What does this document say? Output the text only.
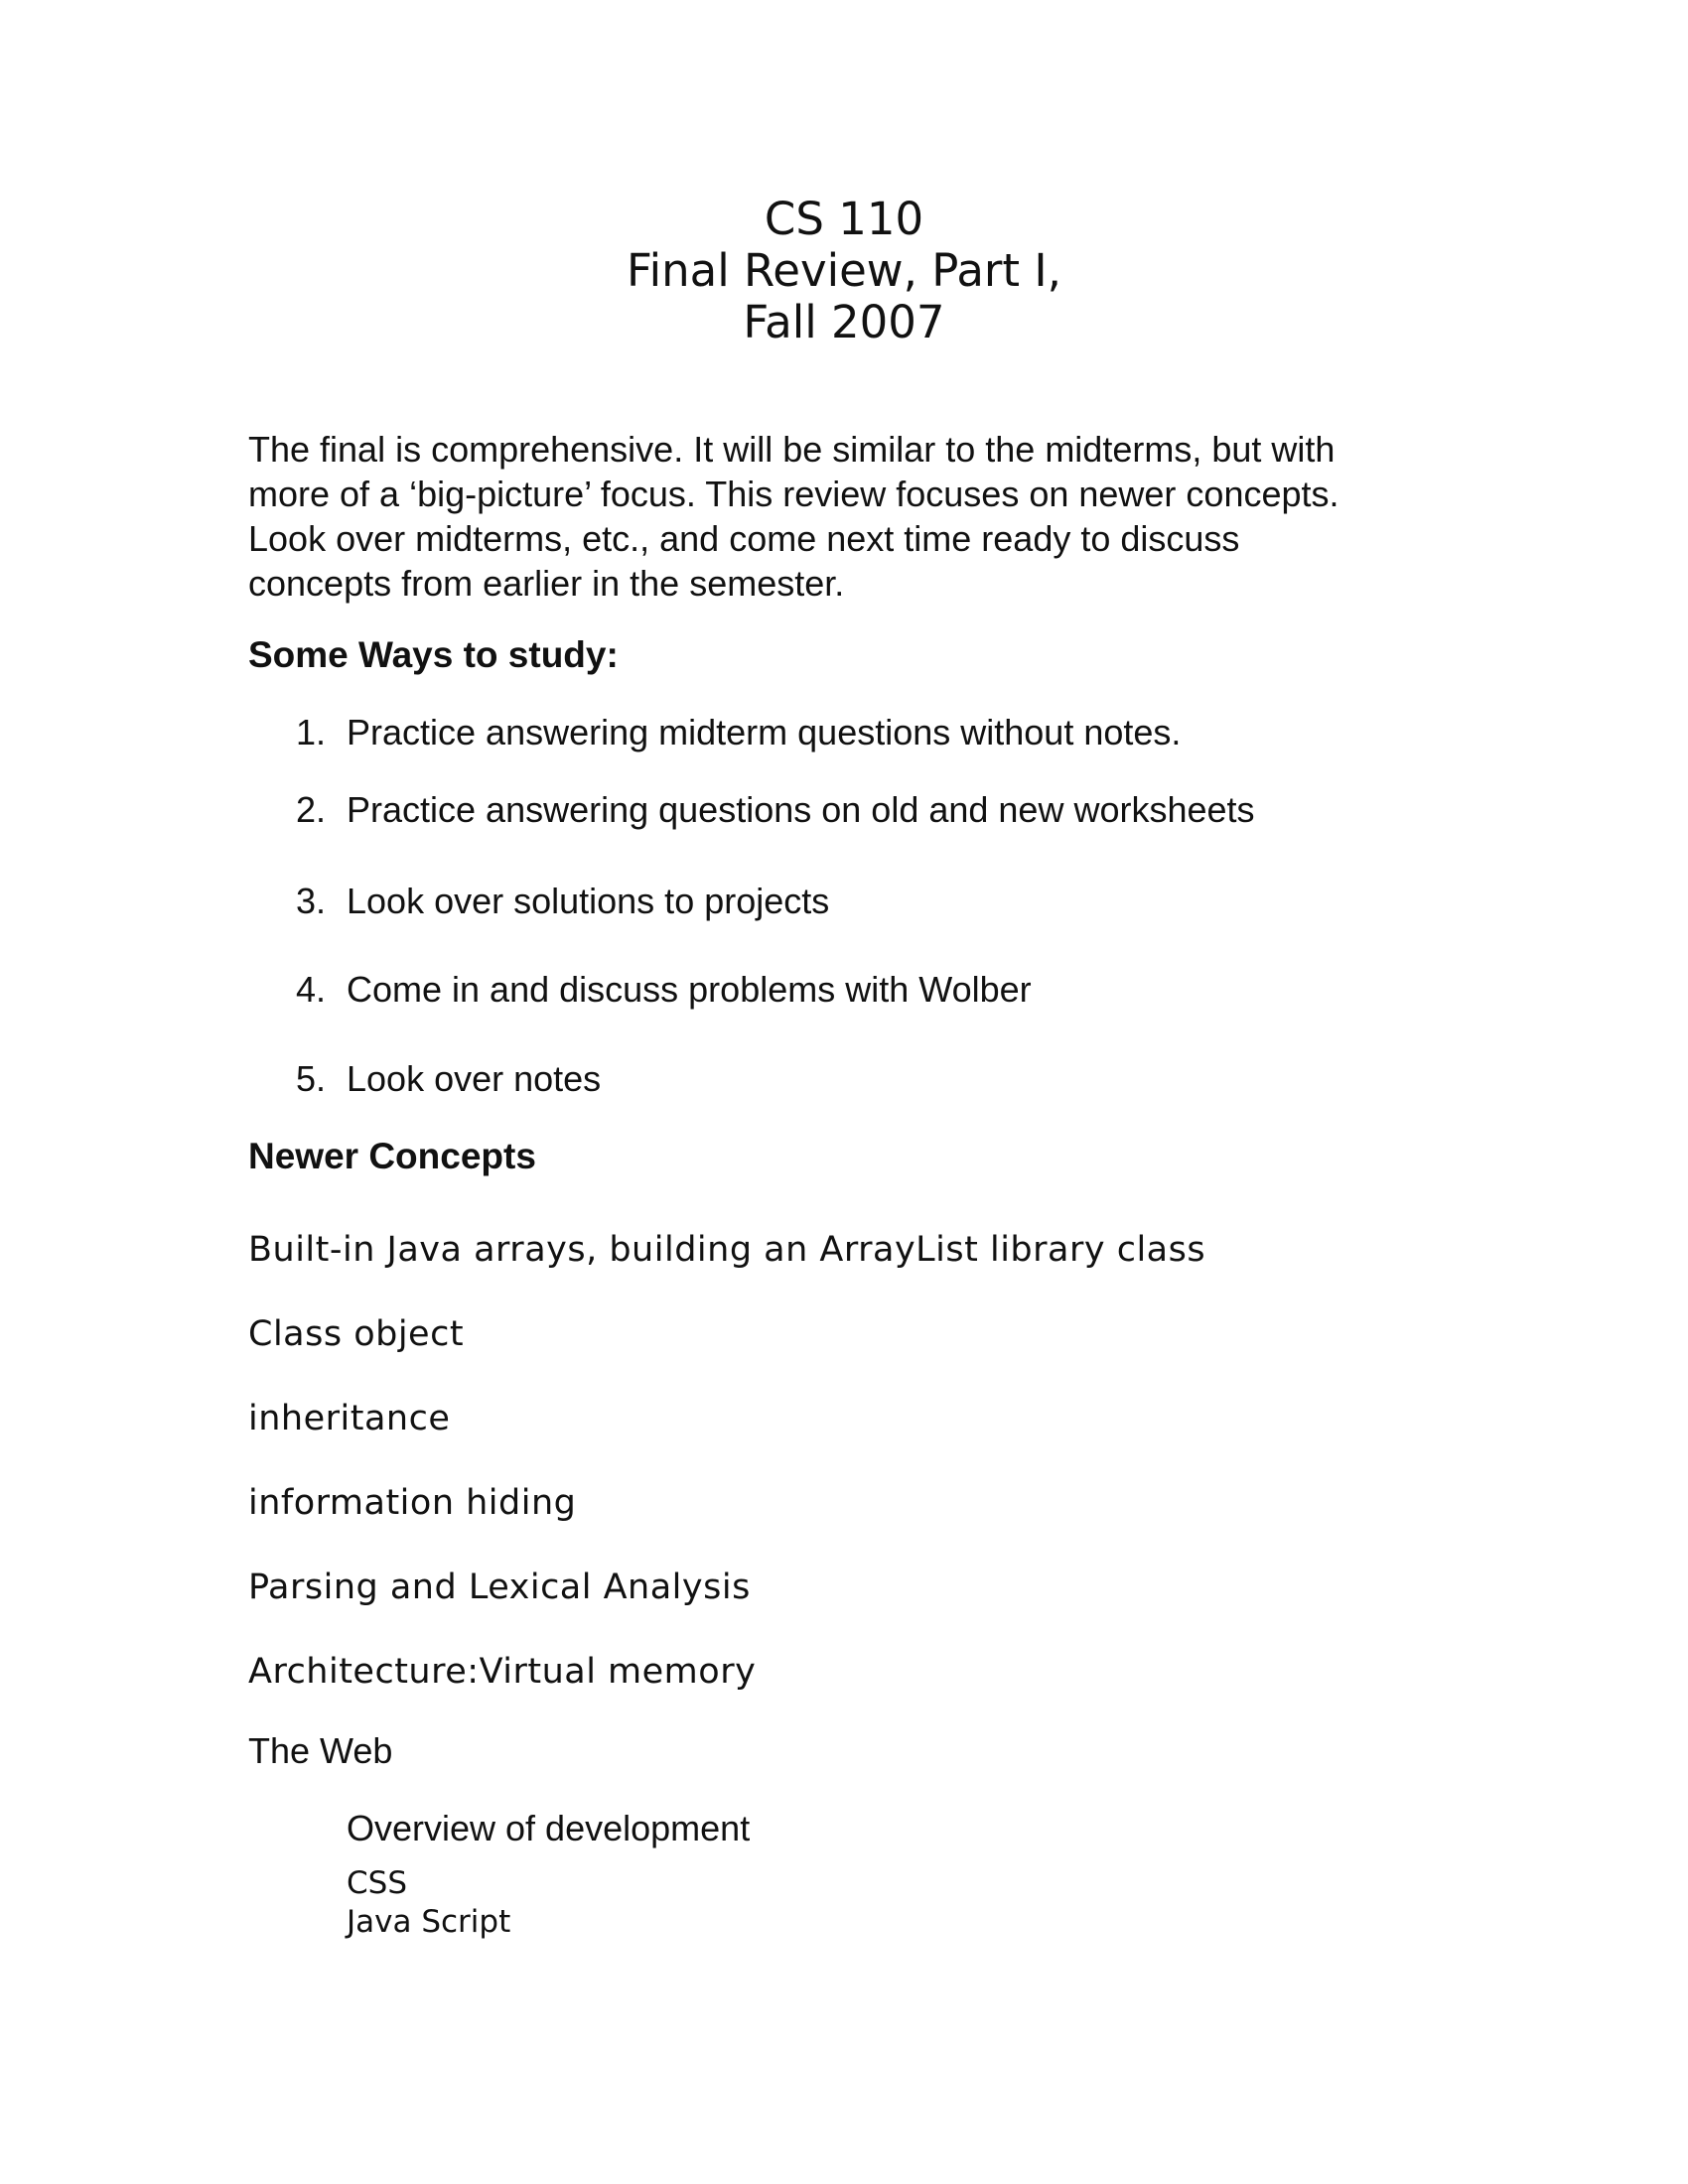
CS 110
Final Review, Part I,
Fall 2007
The final is comprehensive. It will be similar to the midterms, but with
more of a ‘big-picture’ focus. This review focuses on newer concepts.
Look over midterms, etc., and come next time ready to discuss
concepts from earlier in the semester.
Some Ways to study:
1. Practice answering midterm questions without notes.
2. Practice answering questions on old and new worksheets
3. Look over solutions to projects
4. Come in and discuss problems with Wolber
5. Look over notes
Newer Concepts
Built-in Java arrays, building an ArrayList library class
Class object
inheritance
information hiding
Parsing and Lexical Analysis
Architecture:Virtual memory
The Web
Overview of development
CSS
Java Script
